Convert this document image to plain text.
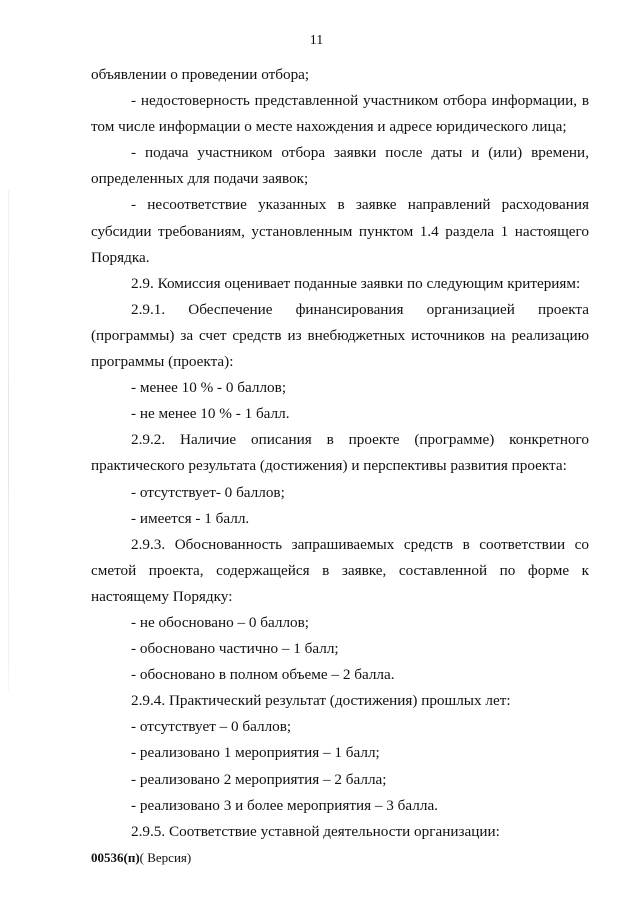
11

объявлении о проведении отбора;

- недостоверность представленной участником отбора информации, в том числе информации о месте нахождения и адресе юридического лица;

- подача участником отбора заявки после даты и (или) времени, определенных для подачи заявок;

- несоответствие указанных в заявке направлений расходования субсидии требованиям, установленным пунктом 1.4 раздела 1 настоящего Порядка.

2.9. Комиссия оценивает поданные заявки по следующим критериям:

2.9.1. Обеспечение финансирования организацией проекта (программы) за счет средств из внебюджетных источников на реализацию программы (проекта):

- менее 10 % - 0 баллов;

- не менее 10 % - 1 балл.

2.9.2. Наличие описания в проекте (программе) конкретного практического результата (достижения) и перспективы развития проекта:

- отсутствует- 0 баллов;

- имеется - 1 балл.

2.9.3. Обоснованность запрашиваемых средств в соответствии со сметой проекта, содержащейся в заявке, составленной по форме к настоящему Порядку:

- не обосновано – 0 баллов;

- обосновано частично – 1 балл;

- обосновано в полном объеме – 2 балла.

2.9.4. Практический результат (достижения) прошлых лет:

- отсутствует – 0 баллов;

- реализовано 1 мероприятия – 1 балл;

- реализовано 2 мероприятия – 2 балла;

- реализовано 3 и более мероприятия – 3 балла.

2.9.5. Соответствие уставной деятельности организации:

00536(п)( Версия)
